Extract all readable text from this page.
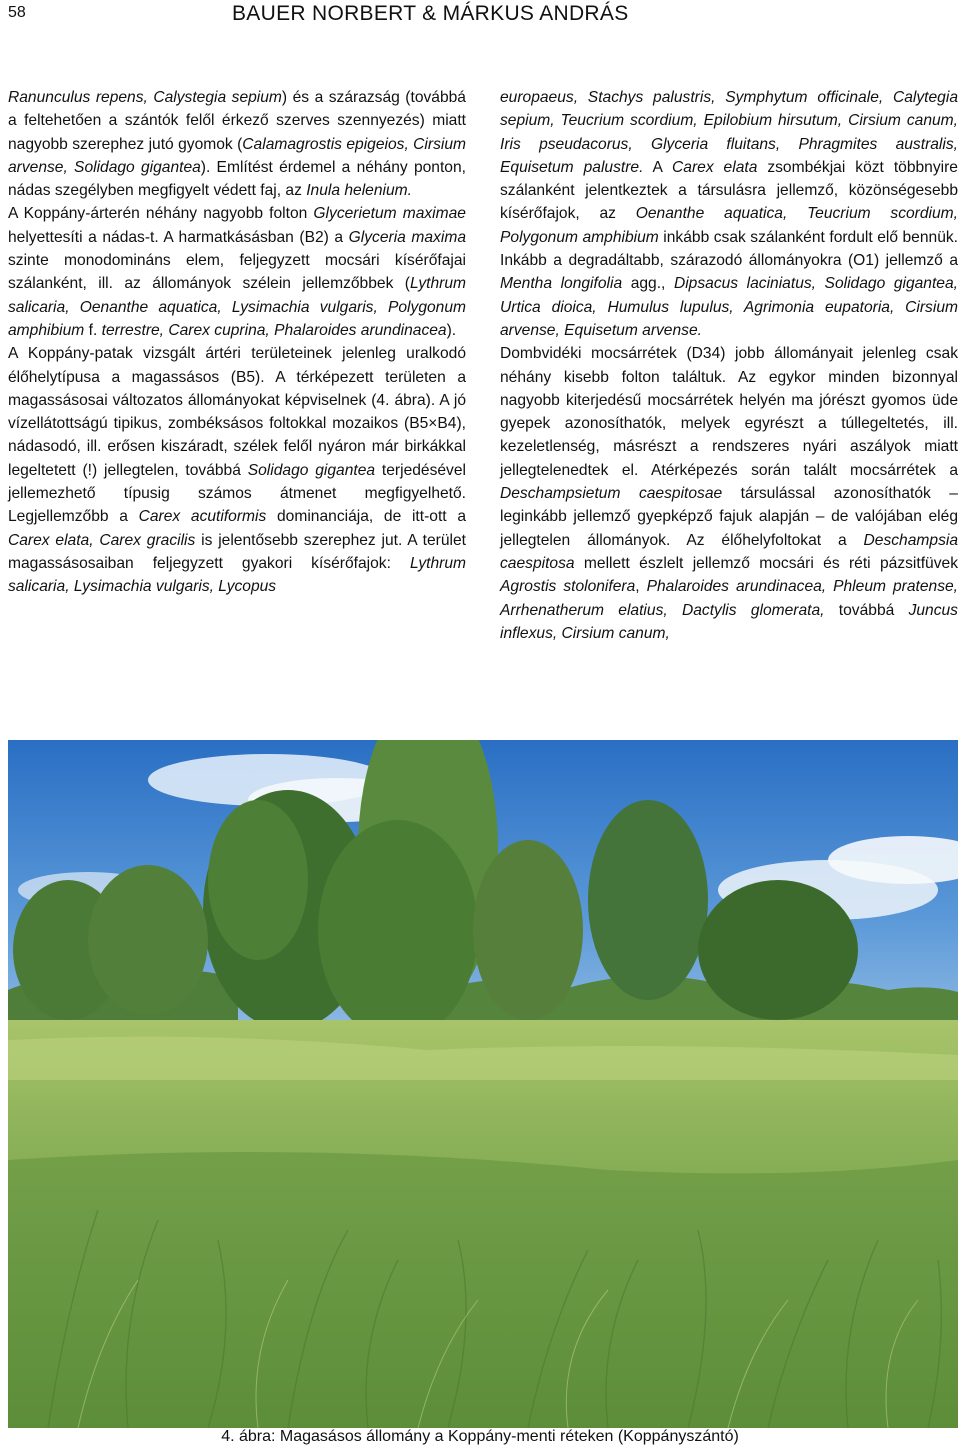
58	BAUER NORBERT & MÁRKUS ANDRÁS

Ranunculus repens, Calystegia sepium) és a szárazság (továbbá a feltehetően a szántók felől érkező szerves szennyezés) miatt nagyobb szerephez jutó gyomok (Calamagrostis epigeios, Cirsium arvense, Solidago gigantea). Említést érdemel a néhány ponton, nádas szegélyben megfigyelt védett faj, az Inula helenium.

A Koppány-árterén néhány nagyobb folton Glycerietum maximae helyettesíti a nádas-t. A harmatkásásban (B2) a Glyceria maxima szinte monodomináns elem, feljegyzett mocsári kísérőfajai szálanként, ill. az állományok szélein jellemzőbbek (Lythrum salicaria, Oenanthe aquatica, Lysimachia vulgaris, Polygonum amphibium f. terrestre, Carex cuprina, Phalaroides arundinacea).

A Koppány-patak vizsgált ártéri területeinek jelenleg uralkodó élőhelytípusa a magassásos (B5). A térképezett területen a magassásosai változatos állományokat képviselnek (4. ábra). A jó vízellátottságú tipikus, zombéksásos foltokkal mozaikos (B5×B4), nádasodó, ill. erősen kiszáradt, szélek felől nyáron már birkákkal legeltetett (!) jellegtelen, továbbá Solidago gigantea terjedésével jellemezhető típusig számos átmenet megfigyelhető. Legjellemzőbb a Carex acutiformis dominanciája, de itt-ott a Carex elata, Carex gracilis is jelentősebb szerephez jut. A terület magassásosaiban feljegyzett gyakori kísérőfajok: Lythrum salicaria, Lysimachia vulgaris, Lycopus

europaeus, Stachys palustris, Symphytum officinale, Calytegia sepium, Teucrium scordium, Epilobium hirsutum, Cirsium canum, Iris pseudacorus, Glyceria fluitans, Phragmites australis, Equisetum palustre. A Carex elata zsombékjai közt többnyire szálanként jelentkeztek a társulásra jellemző, közönségesebb kísérőfajok, az Oenanthe aquatica, Teucrium scordium, Polygonum amphibium inkább csak szálanként fordult elő bennük. Inkább a degradáltabb, szárazodó állományokra (O1) jellemző a Mentha longifolia agg., Dipsacus laciniatus, Solidago gigantea, Urtica dioica, Humulus lupulus, Agrimonia eupatoria, Cirsium arvense, Equisetum arvense.

Dombvidéki mocsárrétek (D34) jobb állományait jelenleg csak néhány kisebb folton találtuk. Az egykor minden bizonnyal nagyobb kiterjedésű mocsárrétek helyén ma jórészt gyomos üde gyepek azonosíthatók, melyek egyrészt a túllegeltetés, ill. kezeletlenség, másrészt a rendszeres nyári aszályok miatt jellegtelenedtek el. Atérképezés során talált mocsárrétek a Deschampsietum caespitosae társulással azonosíthatók – leginkább jellemző gyepképző fajuk alapján – de valójában elég jellegtelen állományok. Az élőhelyfoltokat a Deschampsia caespitosa mellett észlelt jellemző mocsári és réti pázsitfüvek Agrostis stolonifera, Phalaroides arundinacea, Phleum pratense, Arrhenatherum elatius, Dactylis glomerata, továbbá Juncus inflexus, Cirsium canum,

4. ábra: Magasásos állomány a Koppány-menti réteken (Koppányszántó)
